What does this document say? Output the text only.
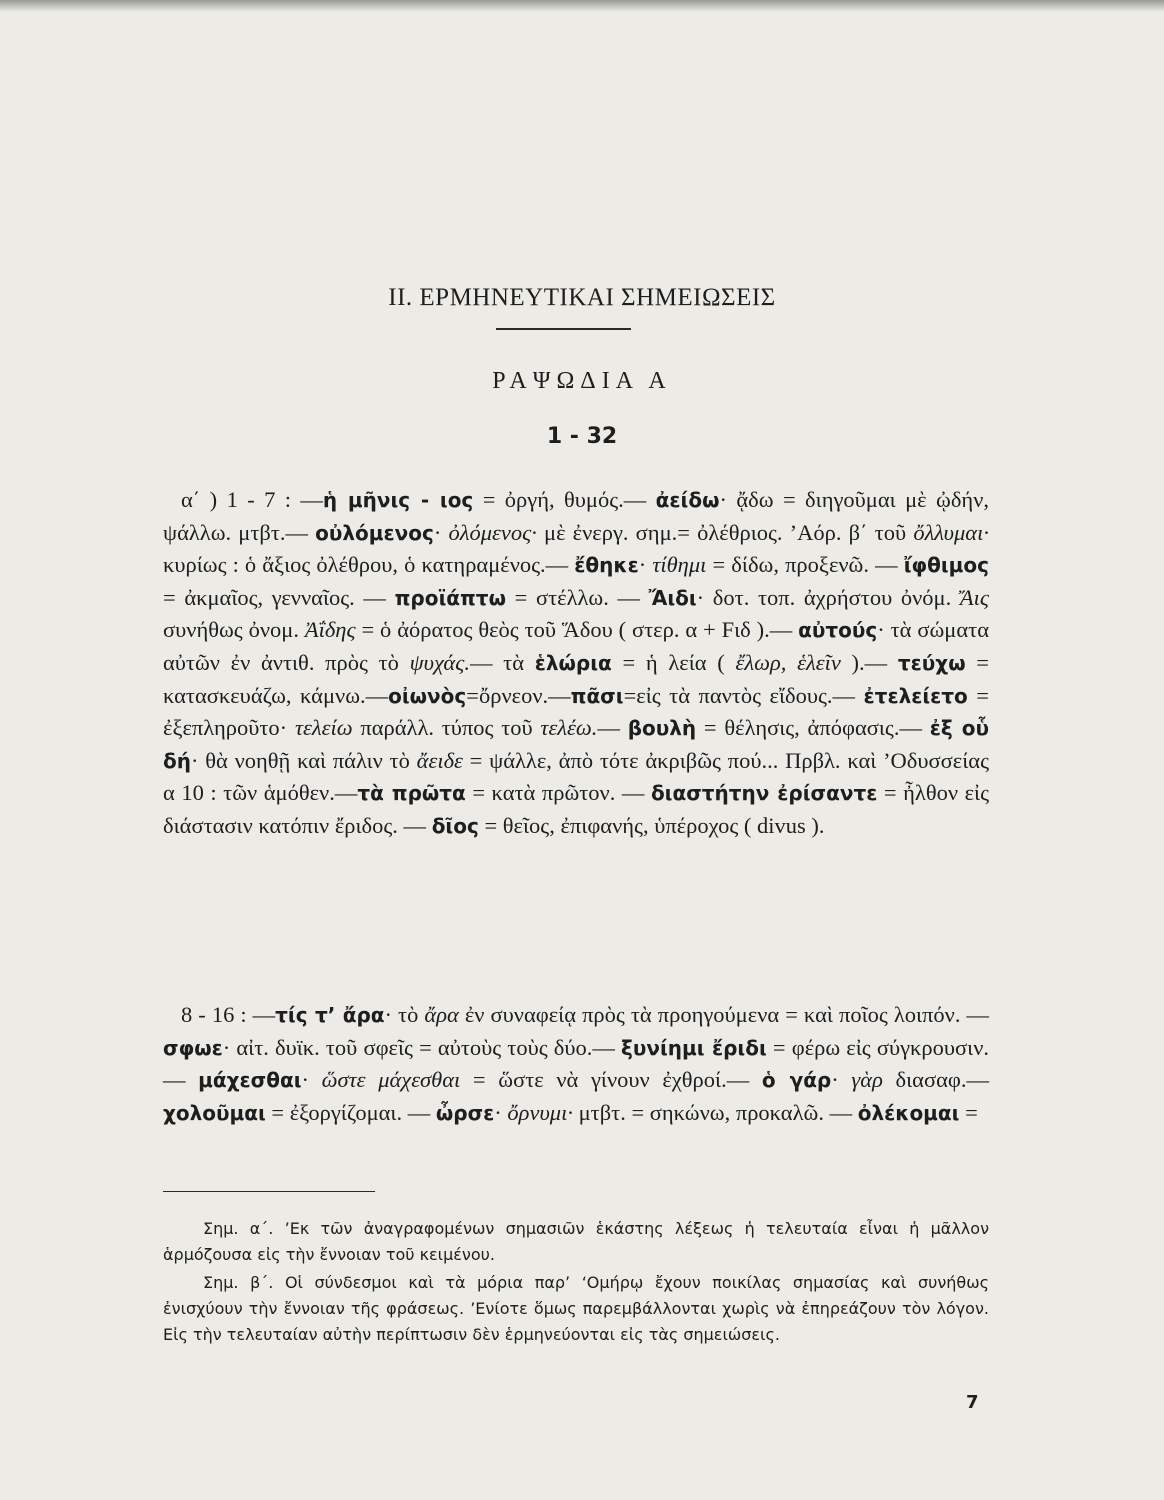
II. ΕΡΜΗΝΕΥΤΙΚΑΙ ΣΗΜΕΙΩΣΕΙΣ
ΡΑΨΩΔΙΑ Α
1 - 32
α΄ ) 1 - 7 : —ἡ μῆνις - ιος = ὀργή, θυμός.— ἀείδω· ᾄδω = διηγοῦμαι μὲ ᾠδήν, ψάλλω. μτβτ.— οὐλόμενος· ὀλόμενος· μὲ ἐνεργ. σημ.= ὀλέθριος. ’Αόρ. β΄ τοῦ ὄλλυμαι· κυρίως : ὁ ἄξιος ὀλέθρου, ὁ κατηραμένος.— ἔθηκε· τίθημι = δίδω, προξενῶ. — ἴφθιμος = ἀκμαῖος, γενναῖος. — προϊάπτω = στέλλω. — Ἄιδι· δοτ. τοπ. ἀχρήστου ὀνόμ. Ἄις συνήθως ὀνομ. Ἀΐδης = ὁ ἀόρατος θεὸς τοῦ Ἅδου ( στερ. α + Fιδ ).— αὐτούς· τὰ σώματα αὐτῶν ἐν ἀντιθ. πρὸς τὸ ψυχάς.— τὰ ἑλώρια = ἡ λεία ( ἔλωρ, ἑλεῖν ).— τεύχω = κατασκευάζω, κάμνω.—οἰωνὸς=ὄρνεον.—πᾶσι=εἰς τὰ παντὸς εἴδους.— ἐτελείετο = ἐξεπληροῦτο· τελείω παράλλ. τύπος τοῦ τελέω.— βουλὴ = θέλησις, ἀπόφασις.— ἐξ οὗ δή· θὰ νοηθῇ καὶ πάλιν τὸ ἄειδε = ψάλλε, ἀπὸ τότε ἀκριβῶς πού... Πρβλ. καὶ ’Οδυσσείας α 10 : τῶν ἁμόθεν.—τὰ πρῶτα = κατὰ πρῶτον. — διαστήτην ἐρίσαντε = ἦλθον εἰς διάστασιν κατόπιν ἔριδος. — δῖος = θεῖος, ἐπιφανής, ὑπέροχος ( divus ).
8 - 16 : —τίς τ’ ἄρα· τὸ ἄρα ἐν συναφείᾳ πρὸς τὰ προηγούμενα = καὶ ποῖος λοιπόν. —σφωε· αἰτ. δυϊκ. τοῦ σφεῖς = αὐτοὺς τοὺς δύο.— ξυνίημι ἔριδι = φέρω εἰς σύγκρουσιν. — μάχεσθαι· ὥστε μάχεσθαι = ὥστε νὰ γίνουν ἐχθροί.— ὁ γάρ· γὰρ διασαφ.— χολοῦμαι = ἐξοργίζομαι. — ὦρσε· ὄρνυμι· μτβτ. = σηκώνω, προκαλῶ. — ὀλέκομαι =
Σημ. α΄. ’Εκ τῶν ἀναγραφομένων σημασιῶν ἑκάστης λέξεως ἡ τελευταία εἶναι ἡ μᾶλλον ἁρμόζουσα εἰς τὴν ἔννοιαν τοῦ κειμένου.
Σημ. β΄. Οἱ σύνδεσμοι καὶ τὰ μόρια παρ’ ‘Ομήρῳ ἔχουν ποικίλας σημασίας καὶ συνήθως ἐνισχύουν τὴν ἔννοιαν τῆς φράσεως. ’Ενίοτε ὅμως παρεμβάλλονται χωρὶς νὰ ἐπηρεάζουν τὸν λόγον. Εἰς τὴν τελευταίαν αὐτὴν περίπτωσιν δὲν ἑρμηνεύονται εἰς τὰς σημειώσεις.
7
